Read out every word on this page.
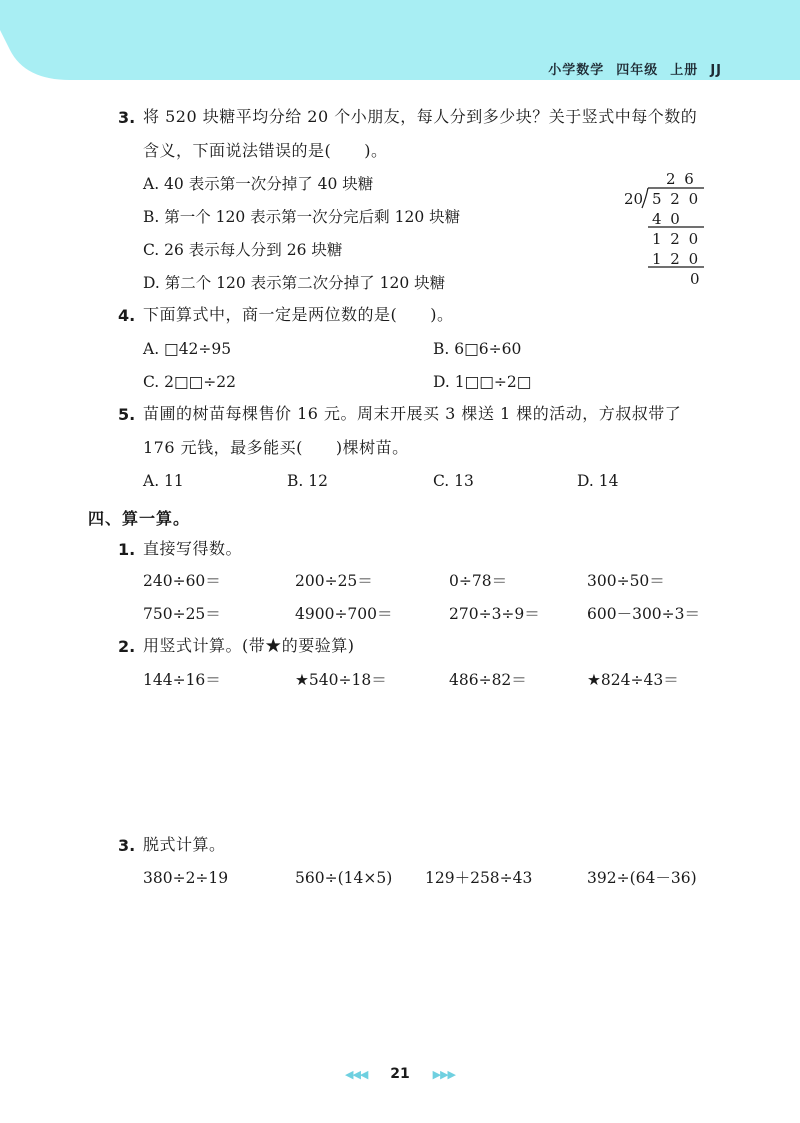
小学数学 四年级 上册 JJ
3. 将 520 块糖平均分给 20 个小朋友，每人分到多少块？关于竖式中每个数的
含义，下面说法错误的是(　　)。
A. 40 表示第一次分掉了 40 块糖
B. 第一个 120 表示第一次分完后剩 120 块糖
C. 26 表示每人分到 26 块糖
D. 第二个 120 表示第二次分掉了 120 块糖
2 6
20 5 2 0
4 0
1 2 0
1 2 0
0
4. 下面算式中，商一定是两位数的是(　　)。
A. □42÷95	B. 6□6÷60
C. 2□□÷22	D. 1□□÷2□
5. 苗圃的树苗每棵售价 16 元。周末开展买 3 棵送 1 棵的活动，方叔叔带了
176 元钱，最多能买(　　)棵树苗。
A. 11	B. 12	C. 13	D. 14
四、算一算。
1. 直接写得数。
240÷60＝	200÷25＝	0÷78＝	300÷50＝
750÷25＝	4900÷700＝	270÷3÷9＝	600－300÷3＝
2. 用竖式计算。(带★的要验算)
144÷16＝	★540÷18＝	486÷82＝	★824÷43＝
3. 脱式计算。
380÷2÷19	560÷(14×5) 129＋258÷43	392÷(64－36)
◀◀◀ 21 ▶▶▶
